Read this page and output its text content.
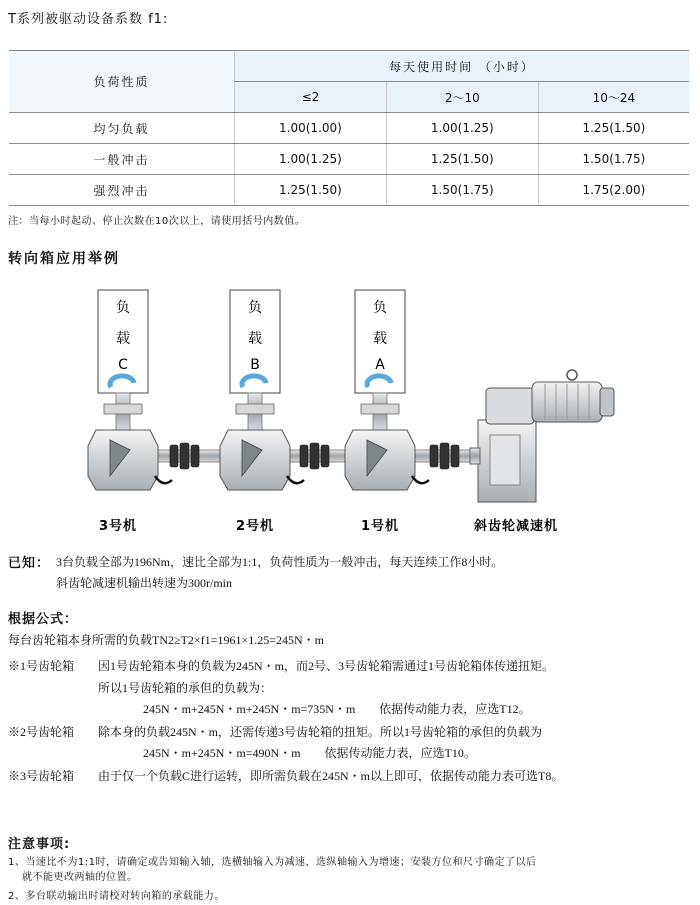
T系列被驱动设备系数 f1:
负荷性质	每天使用时间 （小时）		
	≤2	2～10	10～24
均匀负载	1.00(1.00)	1.00(1.25)	1.25(1.50)
一般冲击	1.00(1.25)	1.25(1.50)	1.50(1.75)
强烈冲击	1.25(1.50)	1.50(1.75)	1.75(2.00)
注：当每小时起动、停止次数在10次以上，请使用括号内数值。
转向箱应用举例
负
载
C
负
载
B
负
载
A
3号机	2号机	1号机	斜齿轮减速机
已知： 3台负载全部为196Nm，速比全部为1:1，负荷性质为一般冲击，每天连续工作8小时。
斜齿轮减速机输出转速为300r/min
根据公式：
每台齿轮箱本身所需的负载TN2≥T2×f1=1961×1.25=245N・m
※1号齿轮箱 因1号齿轮箱本身的负载为245N・m，而2号、3号齿轮箱需通过1号齿轮箱体传递扭矩。
所以1号齿轮箱的承但的负载为：
245N・m+245N・m+245N・m=735N・m　　依据传动能力表，应选T12。
※2号齿轮箱 除本身的负载245N・m，还需传递3号齿轮箱的扭矩。所以1号齿轮箱的承但的负载为
245N・m+245N・m=490N・m　　依据传动能力表，应选T10。
※3号齿轮箱 由于仅一个负载C进行运转，即所需负载在245N・m以上即可，依据传动能力表可选T8。
注意事项:
1、当速比不为1:1时，请确定或告知输入轴，选横轴输入为减速，选纵轴输入为增速；安装方位和尺寸确定了以后
就不能更改两轴的位置。
2、多台联动输出时请校对转向箱的承载能力。
